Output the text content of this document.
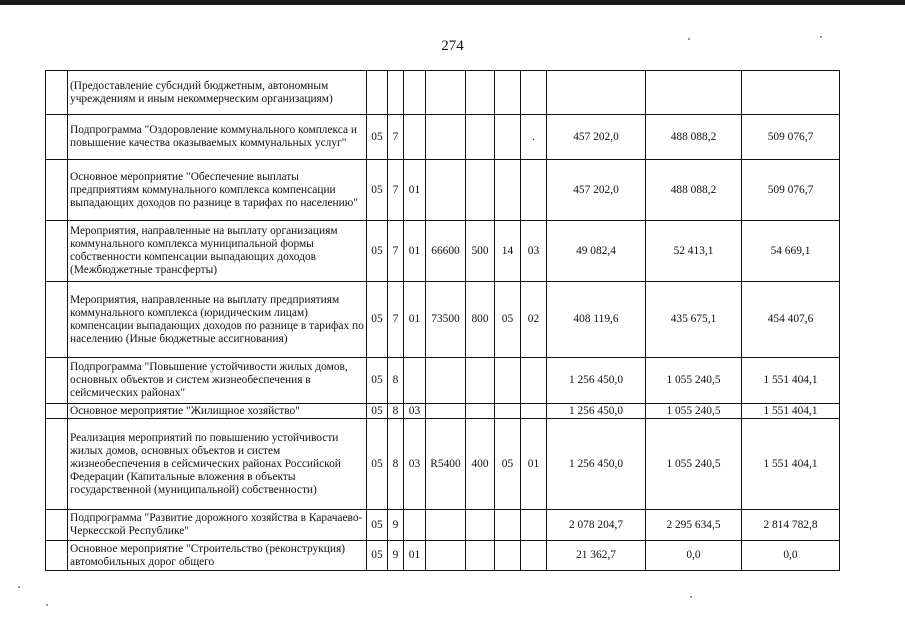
274
	(Предоставление субсидий бюджетным, автономным учреждениям и иным некоммерческим организациям)										
	Подпрограмма "Оздоровление коммунального комплекса и повышение качества оказываемых коммунальных услуг"	05	7					.	457 202,0	488 088,2	509 076,7
	Основное мероприятие "Обеспечение выплаты предприятиям коммунального комплекса компенсации выпадающих доходов по разнице в тарифах по населению"	05	7	01					457 202,0	488 088,2	509 076,7
	Мероприятия, направленные на выплату организациям коммунального комплекса муниципальной формы собственности компенсации выпадающих доходов (Межбюджетные трансферты)	05	7	01	66600	500	14	03	49 082,4	52 413,1	54 669,1
	Мероприятия, направленные на выплату предприятиям коммунального комплекса (юридическим лицам) компенсации выпадающих доходов по разнице в тарифах по населению (Иные бюджетные ассигнования)	05	7	01	73500	800	05	02	408 119,6	435 675,1	454 407,6
	Подпрограмма "Повышение устойчивости жилых домов, основных объектов и систем жизнеобеспечения в сейсмических районах"	05	8						1 256 450,0	1 055 240,5	1 551 404,1
	Основное мероприятие "Жилищное хозяйство"	05	8	03					1 256 450,0	1 055 240,5	1 551 404,1
	Реализация мероприятий по повышению устойчивости жилых домов, основных объектов и систем жизнеобеспечения в сейсмических районах Российской Федерации (Капитальные вложения в объекты государственной (муниципальной) собственности)	05	8	03	R5400	400	05	01	1 256 450,0	1 055 240,5	1 551 404,1
	Подпрограмма "Развитие дорожного хозяйства в Карачаево-Черкесской Республике"	05	9						2 078 204,7	2 295 634,5	2 814 782,8
	Основное мероприятие "Строительство (реконструкция) автомобильных дорог общего	05	9	01					21 362,7	0,0	0,0
